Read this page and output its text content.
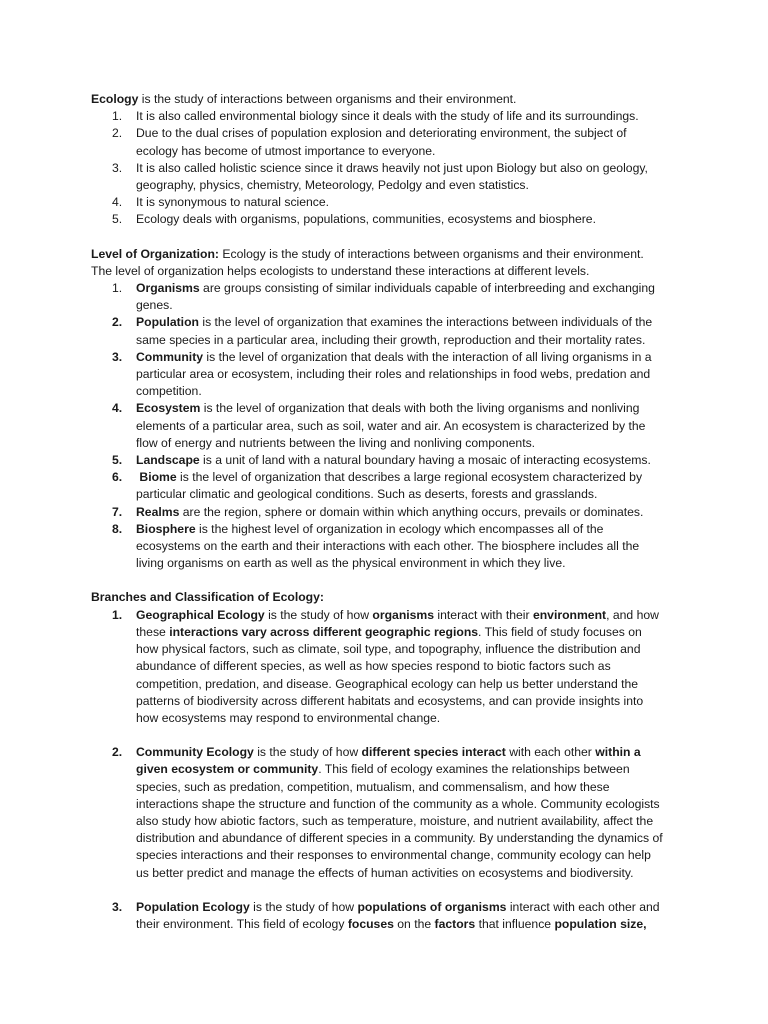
Ecology is the study of interactions between organisms and their environment.

1. It is also called environmental biology since it deals with the study of life and its surroundings.
2. Due to the dual crises of population explosion and deteriorating environment, the subject of ecology has become of utmost importance to everyone.
3. It is also called holistic science since it draws heavily not just upon Biology but also on geology, geography, physics, chemistry, Meteorology, Pedolgy and even statistics.
4. It is synonymous to natural science.
5. Ecology deals with organisms, populations, communities, ecosystems and biosphere.

Level of Organization: Ecology is the study of interactions between organisms and their environment. The level of organization helps ecologists to understand these interactions at different levels.

1. Organisms are groups consisting of similar individuals capable of interbreeding and exchanging genes.
2. Population is the level of organization that examines the interactions between individuals of the same species in a particular area, including their growth, reproduction and their mortality rates.
3. Community is the level of organization that deals with the interaction of all living organisms in a particular area or ecosystem, including their roles and relationships in food webs, predation and competition.
4. Ecosystem is the level of organization that deals with both the living organisms and nonliving elements of a particular area, such as soil, water and air. An ecosystem is characterized by the flow of energy and nutrients between the living and nonliving components.
5. Landscape is a unit of land with a natural boundary having a mosaic of interacting ecosystems.
6. Biome is the level of organization that describes a large regional ecosystem characterized by particular climatic and geological conditions. Such as deserts, forests and grasslands.
7. Realms are the region, sphere or domain within which anything occurs, prevails or dominates.
8. Biosphere is the highest level of organization in ecology which encompasses all of the ecosystems on the earth and their interactions with each other. The biosphere includes all the living organisms on earth as well as the physical environment in which they live.

Branches and Classification of Ecology:

1. Geographical Ecology is the study of how organisms interact with their environment, and how these interactions vary across different geographic regions. This field of study focuses on how physical factors, such as climate, soil type, and topography, influence the distribution and abundance of different species, as well as how species respond to biotic factors such as competition, predation, and disease. Geographical ecology can help us better understand the patterns of biodiversity across different habitats and ecosystems, and can provide insights into how ecosystems may respond to environmental change.
2. Community Ecology is the study of how different species interact with each other within a given ecosystem or community. This field of ecology examines the relationships between species, such as predation, competition, mutualism, and commensalism, and how these interactions shape the structure and function of the community as a whole. Community ecologists also study how abiotic factors, such as temperature, moisture, and nutrient availability, affect the distribution and abundance of different species in a community. By understanding the dynamics of species interactions and their responses to environmental change, community ecology can help us better predict and manage the effects of human activities on ecosystems and biodiversity.
3. Population Ecology is the study of how populations of organisms interact with each other and their environment. This field of ecology focuses on the factors that influence population size,
